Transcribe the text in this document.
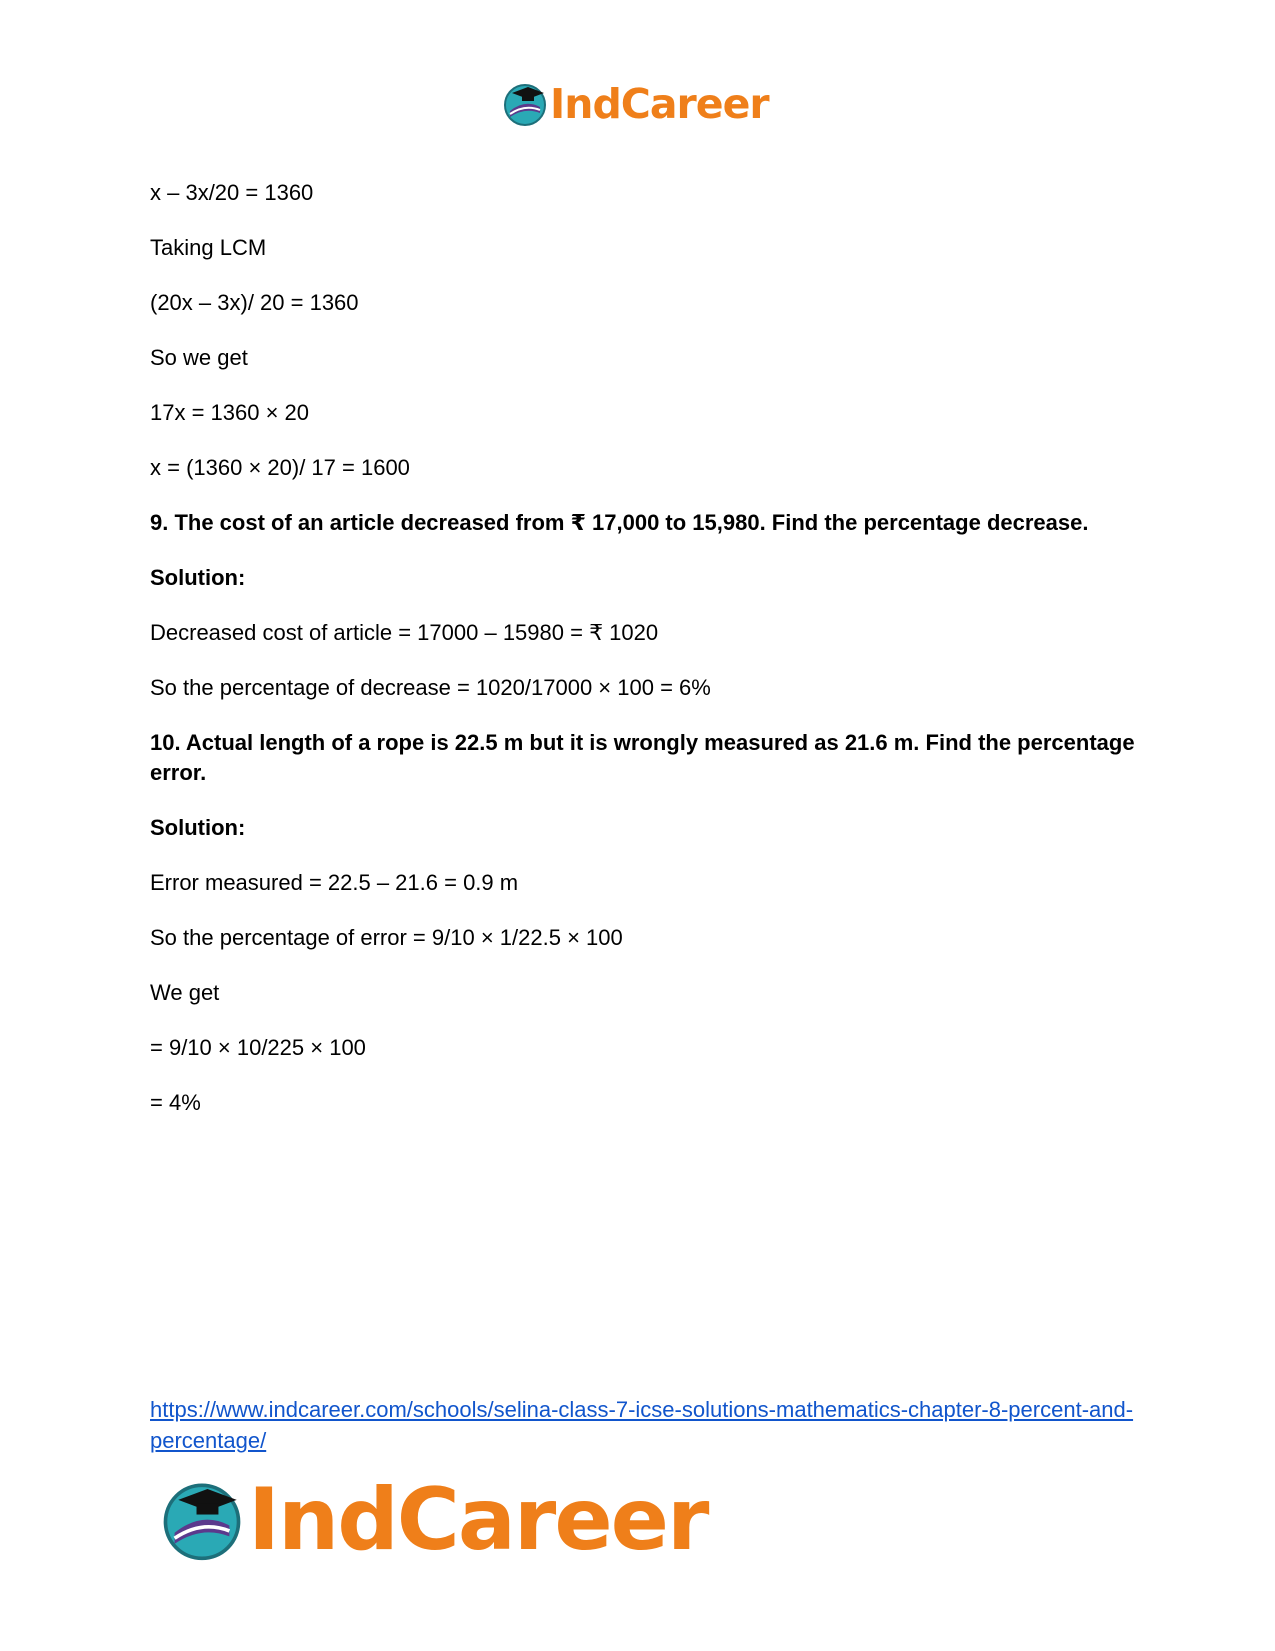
IndCareer

x – 3x/20 = 1360

Taking LCM

(20x – 3x)/ 20 = 1360

So we get

17x = 1360 × 20

x = (1360 × 20)/ 17 = 1600

9. The cost of an article decreased from ₹ 17,000 to 15,980. Find the percentage decrease.

Solution:

Decreased cost of article = 17000 – 15980 = ₹ 1020

So the percentage of decrease = 1020/17000 × 100 = 6%

10. Actual length of a rope is 22.5 m but it is wrongly measured as 21.6 m. Find the percentage error.

Solution:

Error measured = 22.5 – 21.6 = 0.9 m

So the percentage of error = 9/10 × 1/22.5 × 100

We get

= 9/10 × 10/225 × 100

= 4%

https://www.indcareer.com/schools/selina-class-7-icse-solutions-mathematics-chapter-8-percent-and-percentage/
IndCareer
